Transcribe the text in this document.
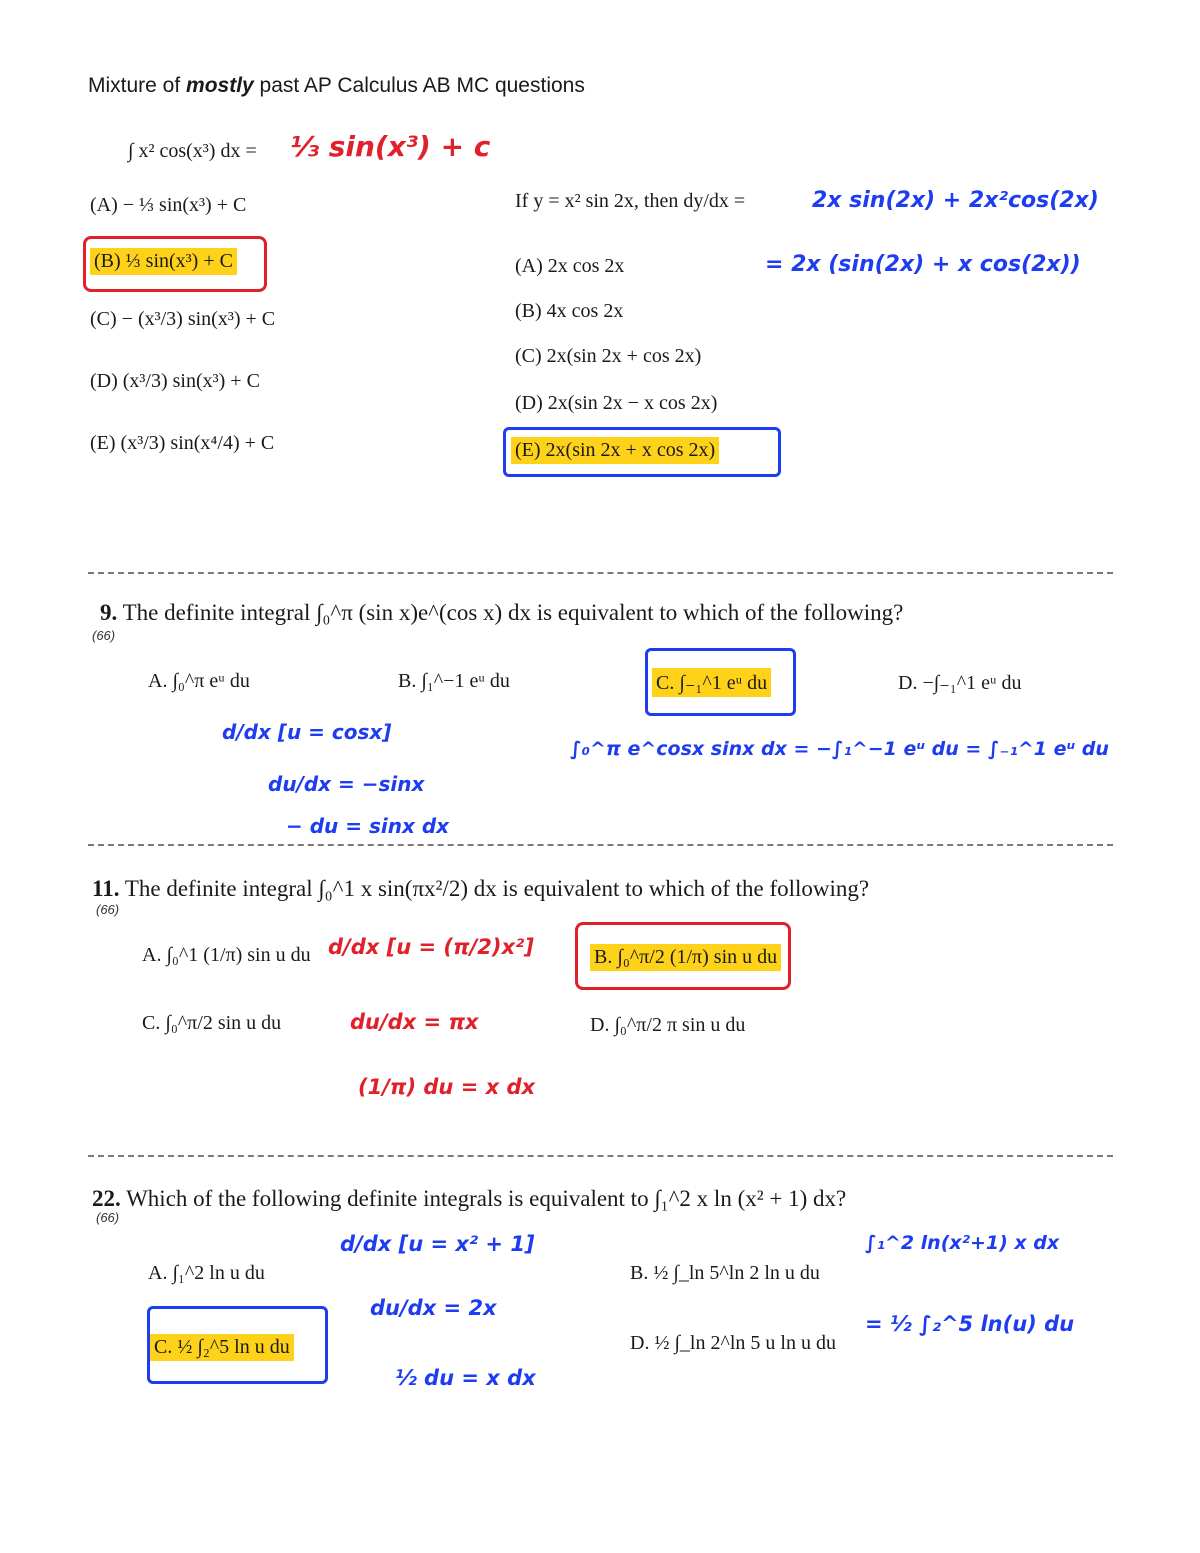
Mixture of mostly past AP Calculus AB MC questions
∫ x² cos(x³) dx = ⅓ sin(x³) + c
(A) − ⅓ sin(x³) + C
(B) ⅓ sin(x³) + C
(C) − (x³/3) sin(x³) + C
(D) (x³/3) sin(x³) + C
(E) (x³/3) sin(x⁴/4) + C
If y = x² sin 2x, then dy/dx =	2x sin(2x) + 2x²cos(2x)
= 2x (sin(2x) + x cos(2x))
(A) 2x cos 2x
(B) 4x cos 2x
(C) 2x(sin 2x + cos 2x)
(D) 2x(sin 2x − x cos 2x)
(E) 2x(sin 2x + x cos 2x)
9. The definite integral ∫₀^π (sin x)e^(cos x) dx is equivalent to which of the following?
(66)
A. ∫₀^π eᵘ du	B. ∫₁^−1 eᵘ du	C. ∫₋₁^1 eᵘ du	D. −∫₋₁^1 eᵘ du
d/dx [u = cosx]
du/dx = −sinx
− du = sinx dx
∫₀^π e^cosx sinx dx = −∫₁^−1 eᵘ du = ∫₋₁^1 eᵘ du
11. The definite integral ∫₀^1 x sin(πx²/2) dx is equivalent to which of the following?
(66)
A. ∫₀^1 (1/π) sin u du	B. ∫₀^π/2 (1/π) sin u du
C. ∫₀^π/2 sin u du	D. ∫₀^π/2 π sin u du
d/dx [u = (π/2)x²]
du/dx = πx
(1/π) du = x dx
22. Which of the following definite integrals is equivalent to ∫₁^2 x ln (x² + 1) dx?
(66)
A. ∫₁^2 ln u du	B. ½ ∫_ln 5^ln 2 ln u du
C. ½ ∫₂^5 ln u du	D. ½ ∫_ln 2^ln 5 u ln u du
d/dx [u = x² + 1]
du/dx = 2x
½ du = x dx
∫₁^2 ln(x²+1) x dx
= ½ ∫₂^5 ln(u) du
